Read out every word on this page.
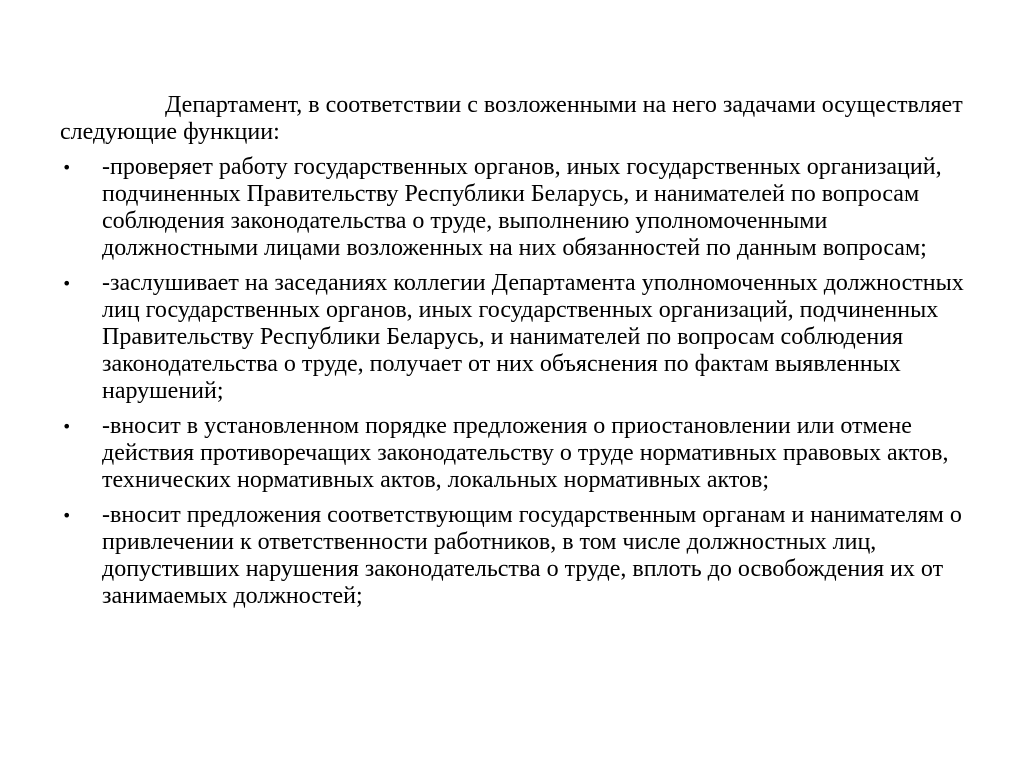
Департамент, в соответствии с возложенными на него задачами осуществляет следующие функции:

•	-проверяет работу государственных органов, иных государственных организаций, подчиненных Правительству Республики Беларусь, и нанимателей по вопросам соблюдения законодательства о труде, выполнению уполномоченными должностными лицами возложенных на них обязанностей по данным вопросам;
•	-заслушивает на заседаниях коллегии Департамента уполномоченных должностных лиц государственных органов, иных государственных организаций, подчиненных Правительству Республики Беларусь, и нанимателей по вопросам соблюдения законодательства о труде, получает от них объяснения по фактам выявленных нарушений;
•	-вносит в установленном порядке предложения о приостановлении или отмене действия противоречащих законодательству о труде нормативных правовых актов, технических нормативных актов, локальных нормативных актов;
•	-вносит предложения соответствующим государственным органам и нанимателям о привлечении к ответственности работников, в том числе должностных лиц, допустивших нарушения законодательства о труде, вплоть до освобождения их от занимаемых должностей;
